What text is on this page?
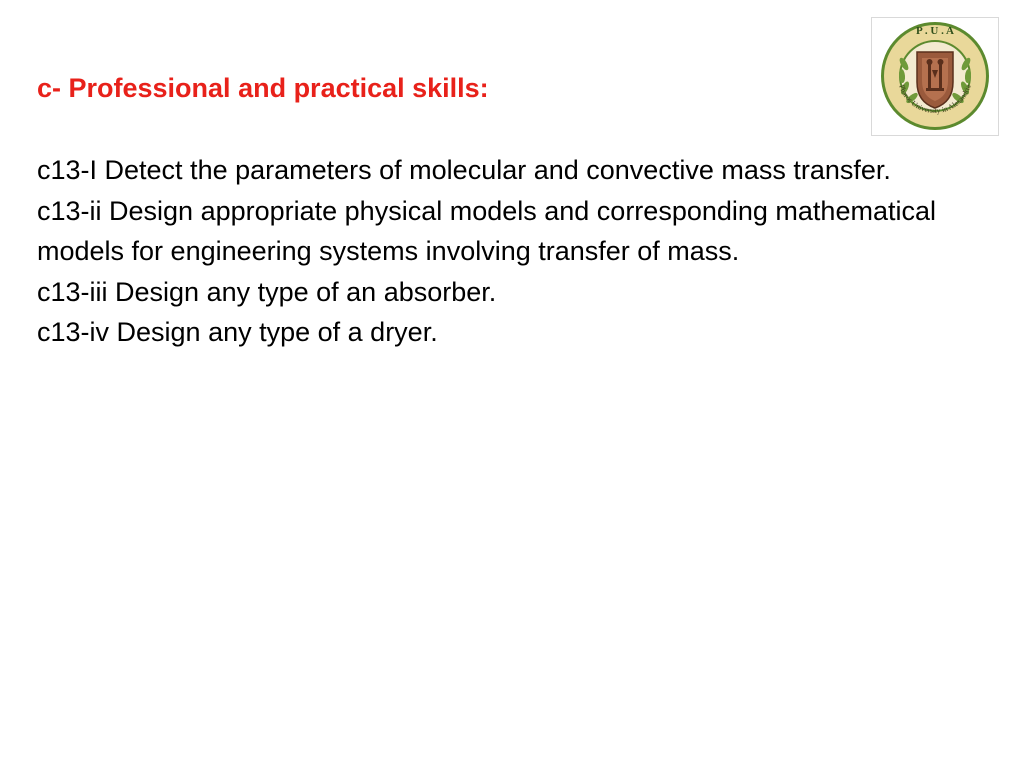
c- Professional and practical skills:

c13-I Detect the parameters of molecular and convective mass transfer.

c13-ii Design appropriate physical models and corresponding mathematical models for engineering systems involving transfer of mass.

c13-iii Design any type of an absorber.

c13-iv Design any type of a dryer.

P . U . A
Pharos University in Alexandria
